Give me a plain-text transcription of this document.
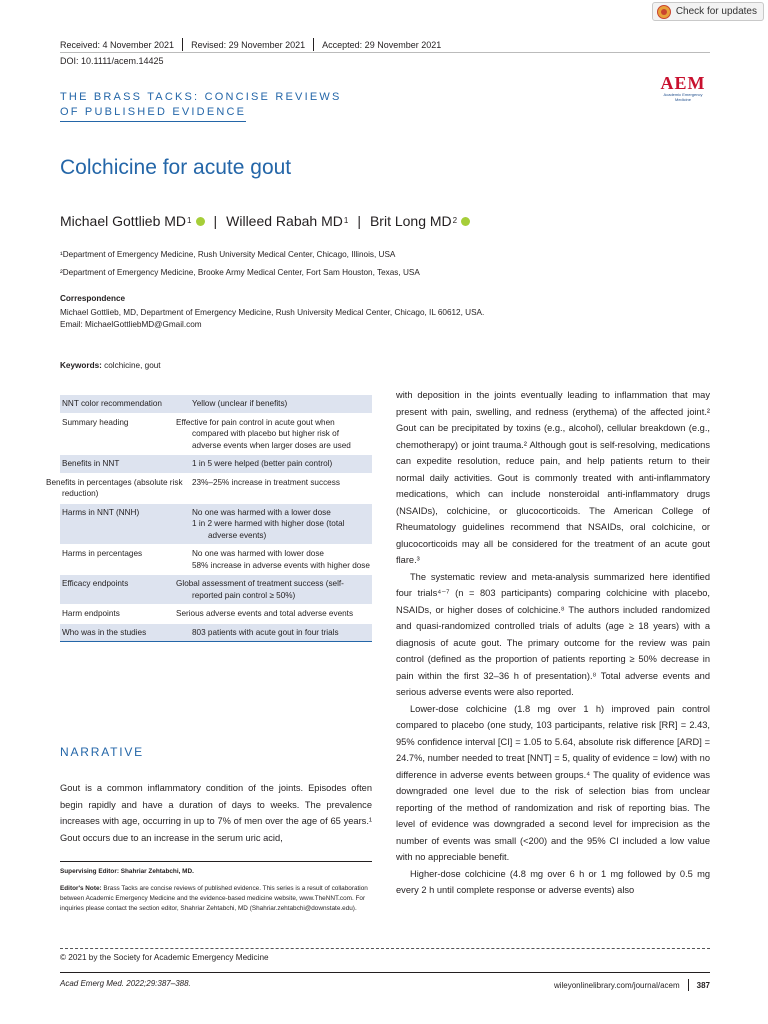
Check for updates
Received: 4 November 2021 Revised: 29 November 2021 Accepted: 29 November 2021
DOI: 10.1111/acem.14425
AEM
Academic Emergency Medicine
THE BRASS TACKS: CONCISE REVIEWS
OF PUBLISHED EVIDENCE
Colchicine for acute gout
Michael Gottlieb MD 1 | Willeed Rabah MD 1 | Brit Long MD 2
¹Department of Emergency Medicine, Rush University Medical Center, Chicago, Illinois, USA
²Department of Emergency Medicine, Brooke Army Medical Center, Fort Sam Houston, Texas, USA
Correspondence
Michael Gottlieb, MD, Department of Emergency Medicine, Rush University Medical Center, Chicago, IL 60612, USA.
Email: MichaelGottliebMD@Gmail.com
Keywords: colchicine, gout
NNT color recommendation	Yellow (unclear if benefits)
Summary heading	Effective for pain control in acute gout when compared with placebo but higher risk of adverse events when larger doses are used
Benefits in NNT	1 in 5 were helped (better pain control)
Benefits in percentages (absolute risk reduction)	23%–25% increase in treatment success
Harms in NNT (NNH)	No one was harmed with a lower dose
1 in 2 were harmed with higher dose (total adverse events)

Harms in percentages	No one was harmed with lower dose
58% increase in adverse events with higher dose

Efficacy endpoints	Global assessment of treatment success (self-reported pain control ≥ 50%)
Harm endpoints	Serious adverse events and total adverse events
Who was in the studies	803 patients with acute gout in four trials
NARRATIVE

Gout is a common inflammatory condition of the joints. Episodes often begin rapidly and have a duration of days to weeks. The prevalence increases with age, occurring in up to 7% of men over the age of 65 years.¹ Gout occurs due to an increase in the serum uric acid,

Supervising Editor: Shahriar Zehtabchi, MD.
Editor's Note: Brass Tacks are concise reviews of published evidence. This series is a result of collaboration between Academic Emergency Medicine and the evidence-based medicine website, www.TheNNT.com. For inquiries please contact the section editor, Shahriar Zehtabchi, MD (Shahriar.zehtabchi@downstate.edu).

with deposition in the joints eventually leading to inflammation that may present with pain, swelling, and redness (erythema) of the affected joint.² Gout can be precipitated by toxins (e.g., alcohol), cellular breakdown (e.g., chemotherapy) or joint trauma.² Although gout is self-resolving, medications can expedite resolution, reduce pain, and help patients return to their normal daily activities. Gout is commonly treated with anti-inflammatory medications, which can include nonsteroidal anti-inflammatory drugs (NSAIDs), colchicine, or glucocorticoids. The American College of Rheumatology guidelines recommend that NSAIDs, oral colchicine, or glucocorticoids may all be considered for the treatment of an acute gout flare.³

The systematic review and meta-analysis summarized here identified four trials⁴⁻⁷ (n = 803 participants) comparing colchicine with placebo, NSAIDs, or higher doses of colchicine.⁸ The authors included randomized and quasi-randomized controlled trials of adults (age ≥ 18 years) with a diagnosis of acute gout. The primary outcome for the review was pain control (defined as the proportion of patients reporting ≥ 50% decrease in pain within the first 32–36 h of presentation).⁸ Total adverse events and serious adverse events were also reported.

Lower-dose colchicine (1.8 mg over 1 h) improved pain control compared to placebo (one study, 103 participants, relative risk [RR] = 2.43, 95% confidence interval [CI] = 1.05 to 5.64, absolute risk difference [ARD] = 24.7%, number needed to treat [NNT] = 5, quality of evidence = low) with no difference in adverse events between groups.⁴ The quality of evidence was downgraded one level due to the risk of selection bias from unclear reporting of the method of randomization and risk of reporting bias. The level of evidence was downgraded a second level for imprecision as the number of events was small (<200) and the 95% CI included a low value with no appreciable benefit.

Higher-dose colchicine (4.8 mg over 6 h or 1 mg followed by 0.5 mg every 2 h until complete response or adverse events) also

© 2021 by the Society for Academic Emergency Medicine
Acad Emerg Med. 2022;29:387–388.	wileyonlinelibrary.com/journal/acem 387
